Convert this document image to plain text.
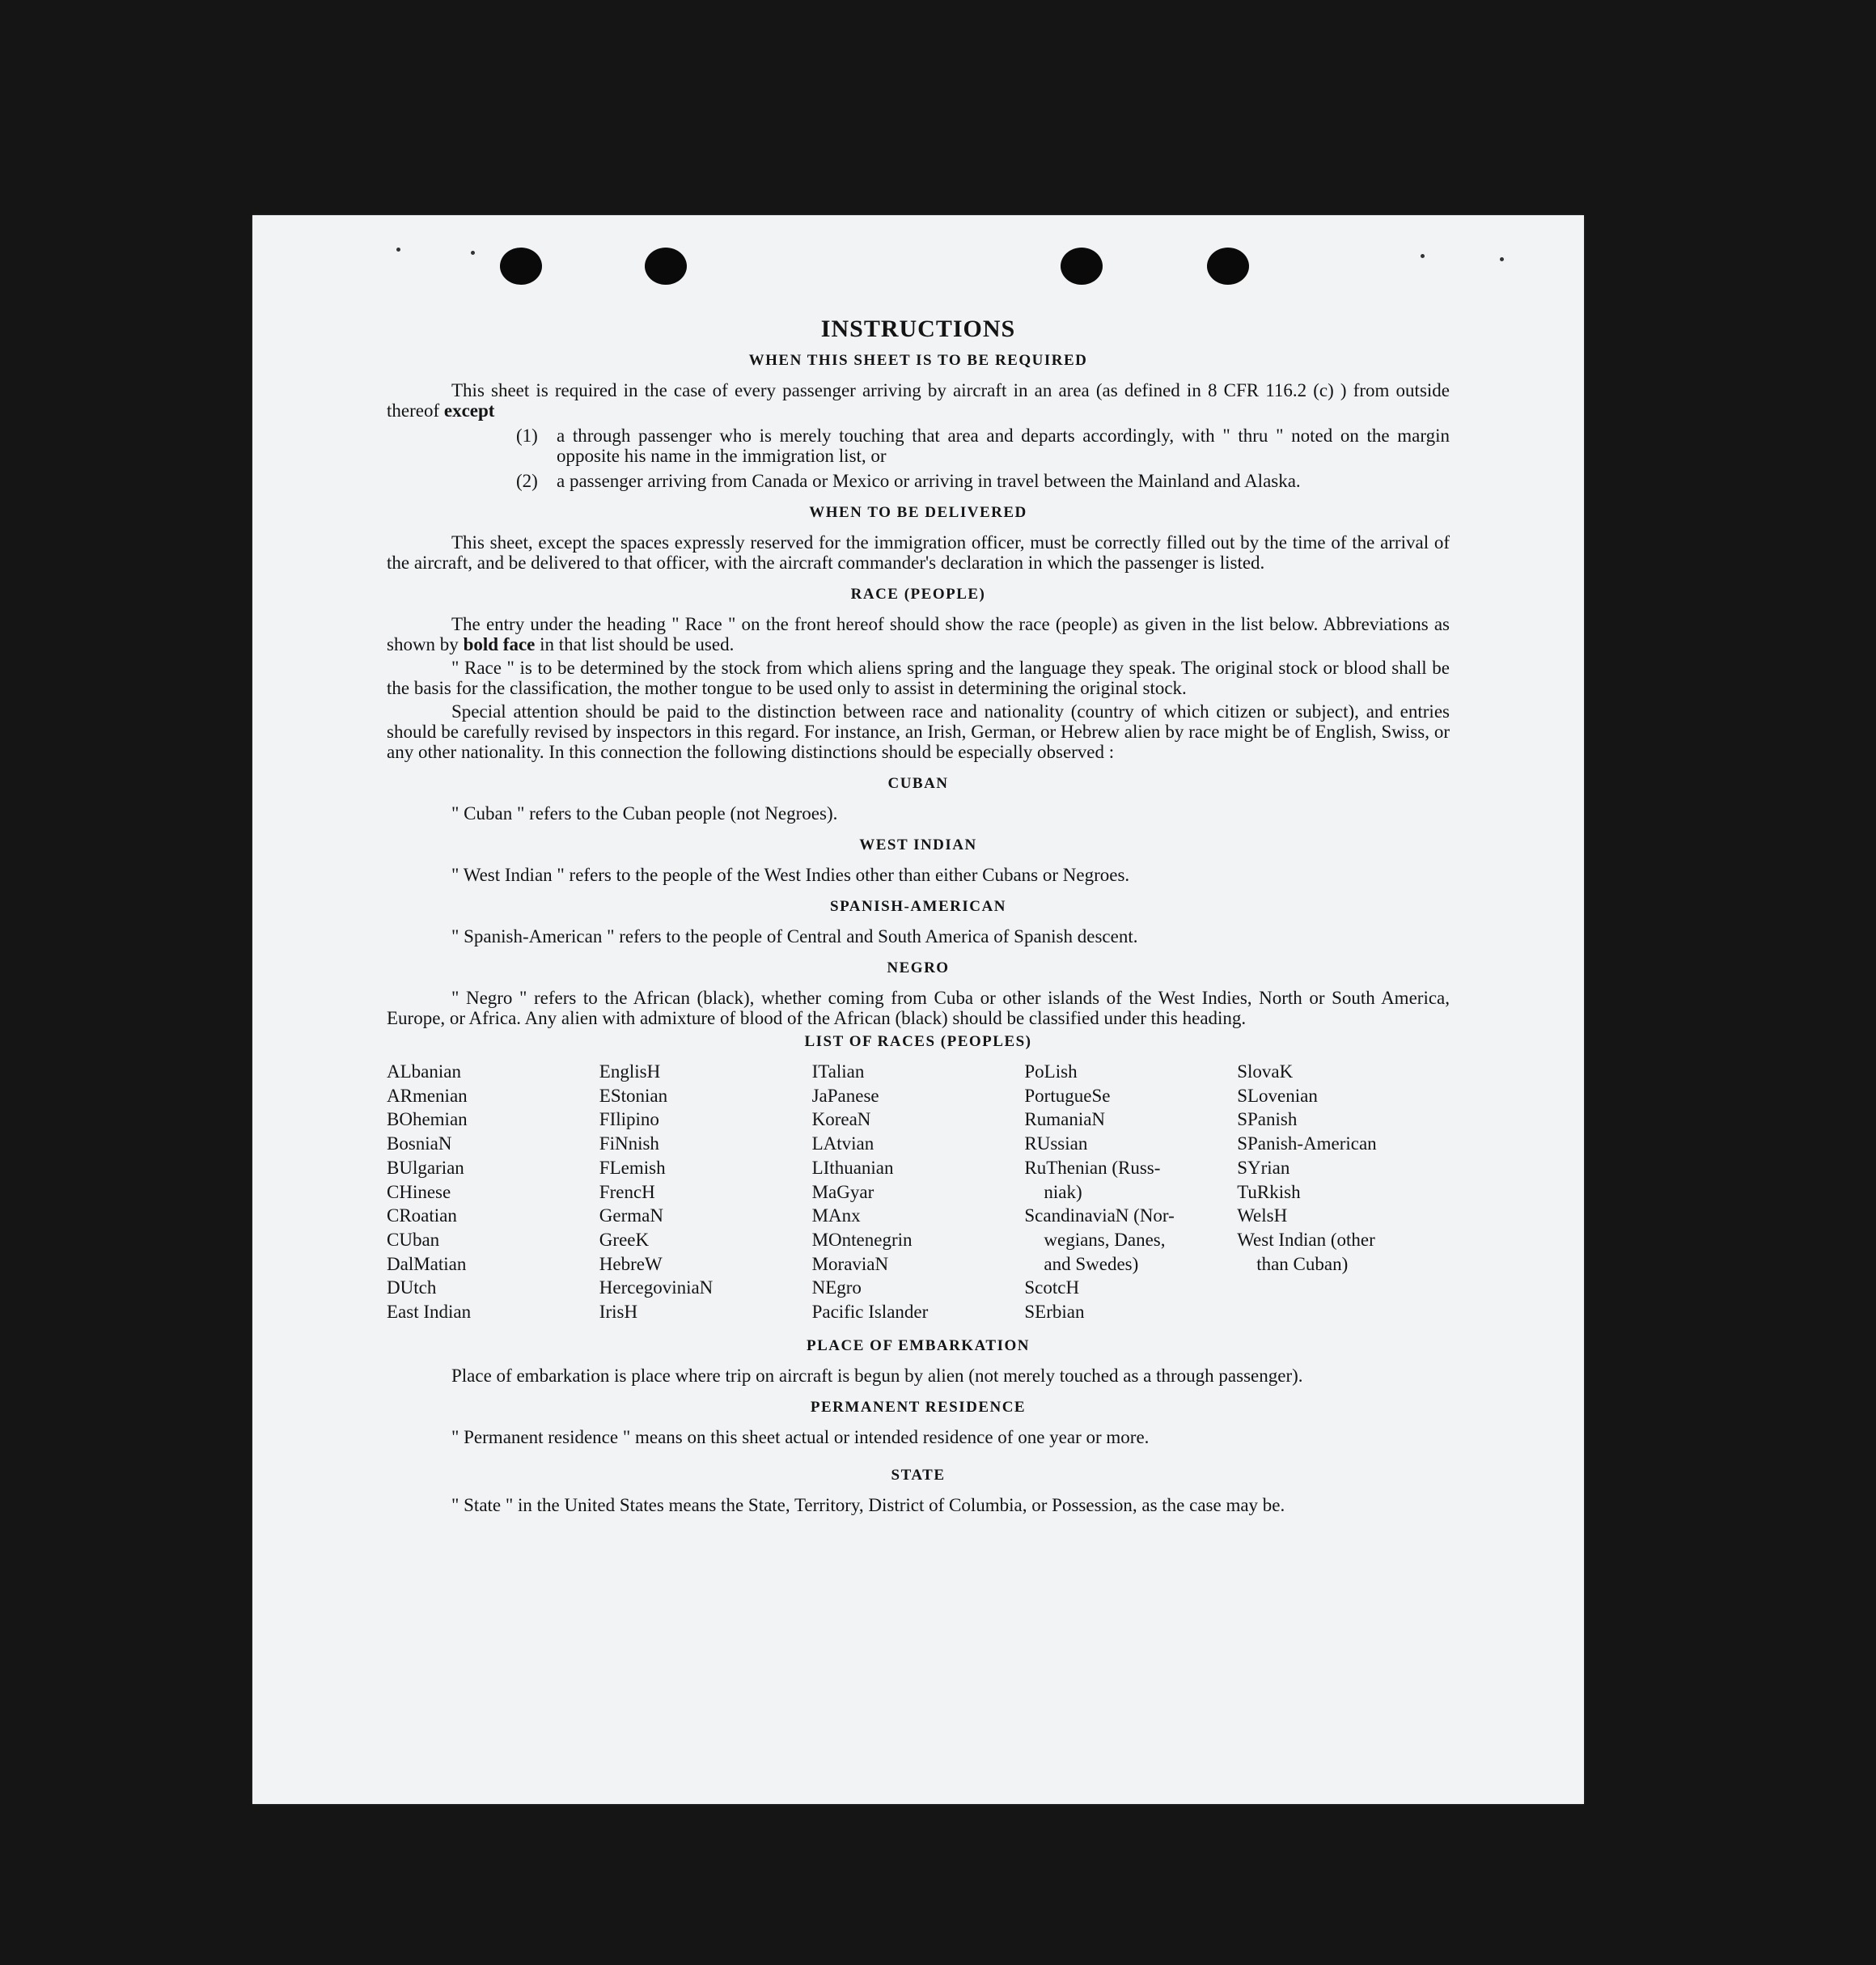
INSTRUCTIONS
WHEN THIS SHEET IS TO BE REQUIRED
This sheet is required in the case of every passenger arriving by aircraft in an area (as defined in 8 CFR 116.2 (c) ) from outside thereof except
(1)	a through passenger who is merely touching that area and departs accordingly, with " thru " noted on the margin opposite his name in the immigration list, or
(2)	a passenger arriving from Canada or Mexico or arriving in travel between the Mainland and Alaska.
WHEN TO BE DELIVERED
This sheet, except the spaces expressly reserved for the immigration officer, must be correctly filled out by the time of the arrival of the aircraft, and be delivered to that officer, with the aircraft commander's declaration in which the passenger is listed.
RACE (PEOPLE)
The entry under the heading " Race " on the front hereof should show the race (people) as given in the list below. Abbreviations as shown by bold face in that list should be used.
" Race " is to be determined by the stock from which aliens spring and the language they speak. The original stock or blood shall be the basis for the classification, the mother tongue to be used only to assist in determining the original stock.
Special attention should be paid to the distinction between race and nationality (country of which citizen or subject), and entries should be carefully revised by inspectors in this regard. For instance, an Irish, German, or Hebrew alien by race might be of English, Swiss, or any other nationality. In this connection the following distinctions should be especially observed :
CUBAN
" Cuban " refers to the Cuban people (not Negroes).
WEST INDIAN
" West Indian " refers to the people of the West Indies other than either Cubans or Negroes.
SPANISH-AMERICAN
" Spanish-American " refers to the people of Central and South America of Spanish descent.
NEGRO
" Negro " refers to the African (black), whether coming from Cuba or other islands of the West Indies, North or South America, Europe, or Africa. Any alien with admixture of blood of the African (black) should be classified under this heading.
LIST OF RACES (PEOPLES)
ALbanian
ARmenian
BOhemian
BosniaN
BUlgarian
CHinese
CRoatian
CUban
DalMatian
DUtch
East Indian
EnglisH
EStonian
FIlipino
FiNnish
FLemish
FrencH
GermaN
GreeK
HebreW
HercegoviniaN
IrisH
ITalian
JaPanese
KoreaN
LAtvian
LIthuanian
MaGyar
MAnx
MOntenegrin
MoraviaN
NEgro
Pacific Islander
PoLish
PortugueSe
RumaniaN
RUssian
RuThenian (Russ-
niak)
ScandinaviaN (Nor-
wegians, Danes,
and Swedes)
ScotcH
SErbian
SlovaK
SLovenian
SPanish
SPanish-American
SYrian
TuRkish
WelsH
West Indian (other
than Cuban)
PLACE OF EMBARKATION
Place of embarkation is place where trip on aircraft is begun by alien (not merely touched as a through passenger).
PERMANENT RESIDENCE
" Permanent residence " means on this sheet actual or intended residence of one year or more.
STATE
" State " in the United States means the State, Territory, District of Columbia, or Possession, as the case may be.
